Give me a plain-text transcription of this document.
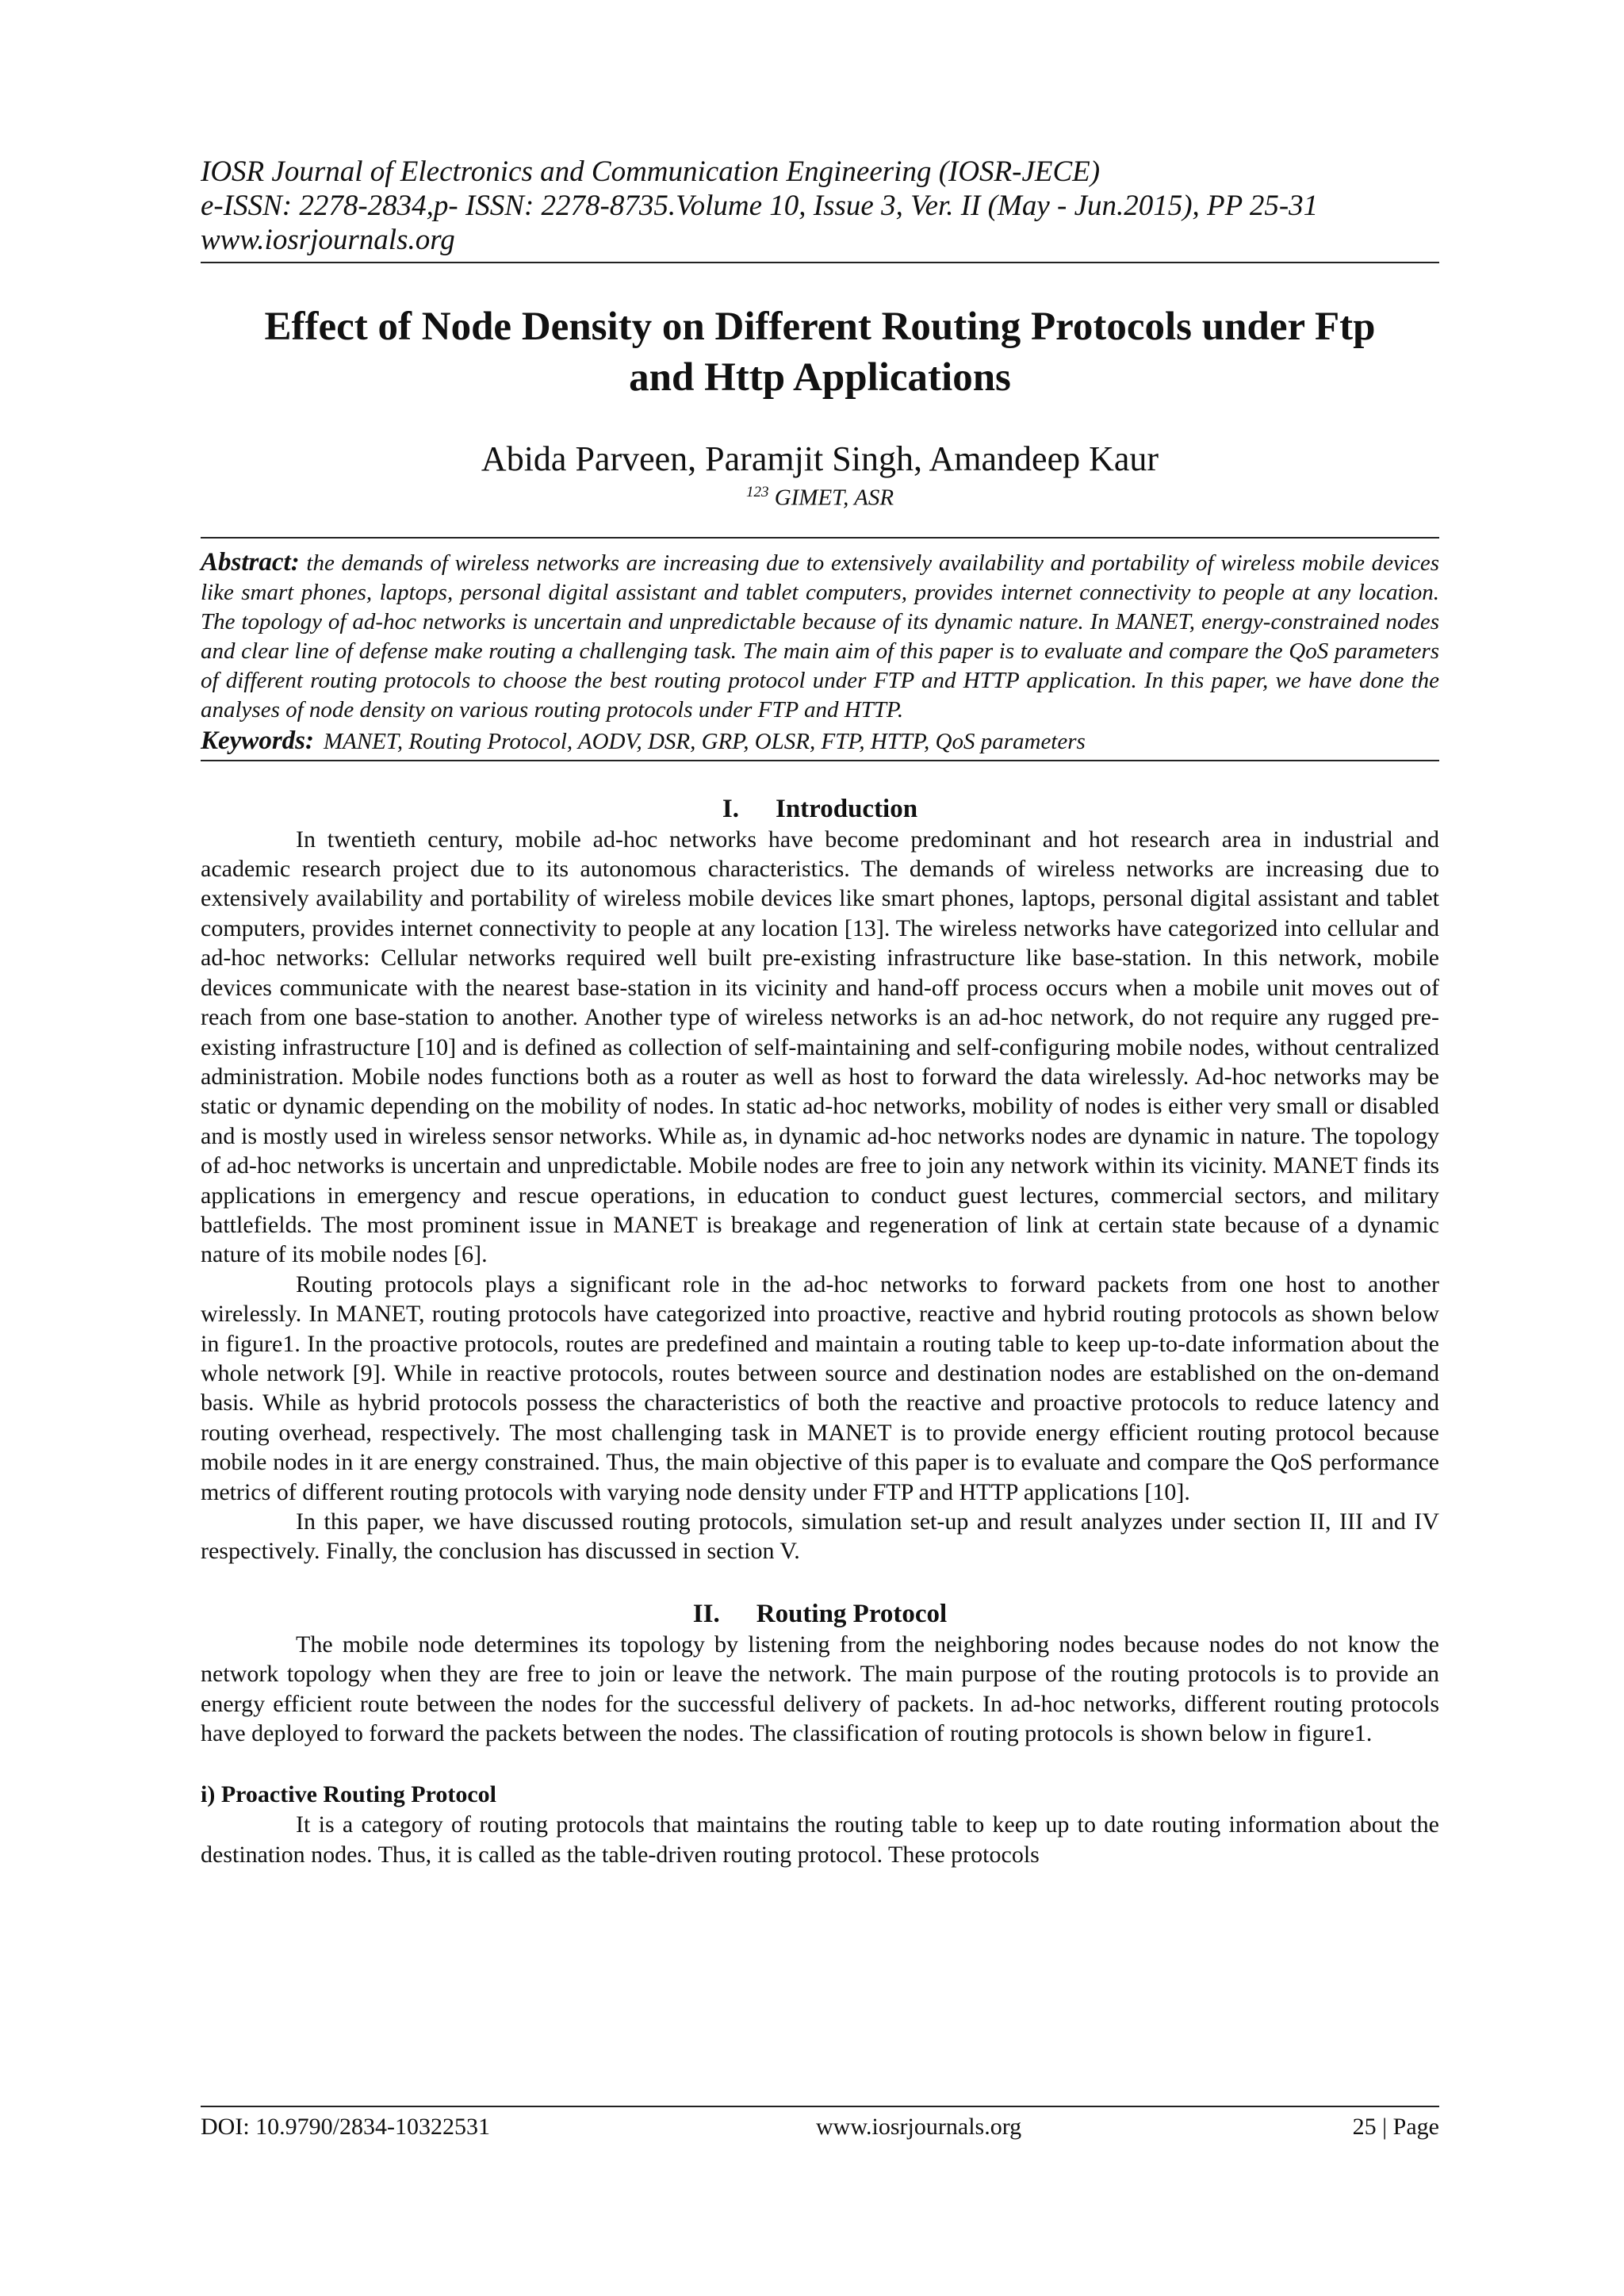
IOSR Journal of Electronics and Communication Engineering (IOSR-JECE)

e-ISSN: 2278-2834,p- ISSN: 2278-8735.Volume 10, Issue 3, Ver. II (May - Jun.2015), PP 25-31

www.iosrjournals.org

Effect of Node Density on Different Routing Protocols under Ftp and Http Applications
Abida Parveen, Paramjit Singh, Amandeep Kaur
$^{123}$ GIMET, ASR
Abstract: the demands of wireless networks are increasing due to extensively availability and portability of wireless mobile devices like smart phones, laptops, personal digital assistant and tablet computers, provides internet connectivity to people at any location. The topology of ad-hoc networks is uncertain and unpredictable because of its dynamic nature. In MANET, energy-constrained nodes and clear line of defense make routing a challenging task. The main aim of this paper is to evaluate and compare the QoS parameters of different routing protocols to choose the best routing protocol under FTP and HTTP application. In this paper, we have done the analyses of node density on various routing protocols under FTP and HTTP.
Keywords: MANET, Routing Protocol, AODV, DSR, GRP, OLSR, FTP, HTTP, QoS parameters
I. Introduction

In twentieth century, mobile ad-hoc networks have become predominant and hot research area in industrial and academic research project due to its autonomous characteristics. The demands of wireless networks are increasing due to extensively availability and portability of wireless mobile devices like smart phones, laptops, personal digital assistant and tablet computers, provides internet connectivity to people at any location [13]. The wireless networks have categorized into cellular and ad-hoc networks: Cellular networks required well built pre-existing infrastructure like base-station. In this network, mobile devices communicate with the nearest base-station in its vicinity and hand-off process occurs when a mobile unit moves out of reach from one base-station to another. Another type of wireless networks is an ad-hoc network, do not require any rugged pre-existing infrastructure [10] and is defined as collection of self-maintaining and self-configuring mobile nodes, without centralized administration. Mobile nodes functions both as a router as well as host to forward the data wirelessly. Ad-hoc networks may be static or dynamic depending on the mobility of nodes. In static ad-hoc networks, mobility of nodes is either very small or disabled and is mostly used in wireless sensor networks. While as, in dynamic ad-hoc networks nodes are dynamic in nature. The topology of ad-hoc networks is uncertain and unpredictable. Mobile nodes are free to join any network within its vicinity. MANET finds its applications in emergency and rescue operations, in education to conduct guest lectures, commercial sectors, and military battlefields. The most prominent issue in MANET is breakage and regeneration of link at certain state because of a dynamic nature of its mobile nodes [6].

Routing protocols plays a significant role in the ad-hoc networks to forward packets from one host to another wirelessly. In MANET, routing protocols have categorized into proactive, reactive and hybrid routing protocols as shown below in figure1. In the proactive protocols, routes are predefined and maintain a routing table to keep up-to-date information about the whole network [9]. While in reactive protocols, routes between source and destination nodes are established on the on-demand basis. While as hybrid protocols possess the characteristics of both the reactive and proactive protocols to reduce latency and routing overhead, respectively. The most challenging task in MANET is to provide energy efficient routing protocol because mobile nodes in it are energy constrained. Thus, the main objective of this paper is to evaluate and compare the QoS performance metrics of different routing protocols with varying node density under FTP and HTTP applications [10].

In this paper, we have discussed routing protocols, simulation set-up and result analyzes under section II, III and IV respectively. Finally, the conclusion has discussed in section V.

II. Routing Protocol

The mobile node determines its topology by listening from the neighboring nodes because nodes do not know the network topology when they are free to join or leave the network. The main purpose of the routing protocols is to provide an energy efficient route between the nodes for the successful delivery of packets. In ad-hoc networks, different routing protocols have deployed to forward the packets between the nodes. The classification of routing protocols is shown below in figure1.

i) Proactive Routing Protocol

It is a category of routing protocols that maintains the routing table to keep up to date routing information about the destination nodes. Thus, it is called as the table-driven routing protocol. These protocols

DOI: 10.9790/2834-10322531	www.iosrjournals.org	25 | Page
